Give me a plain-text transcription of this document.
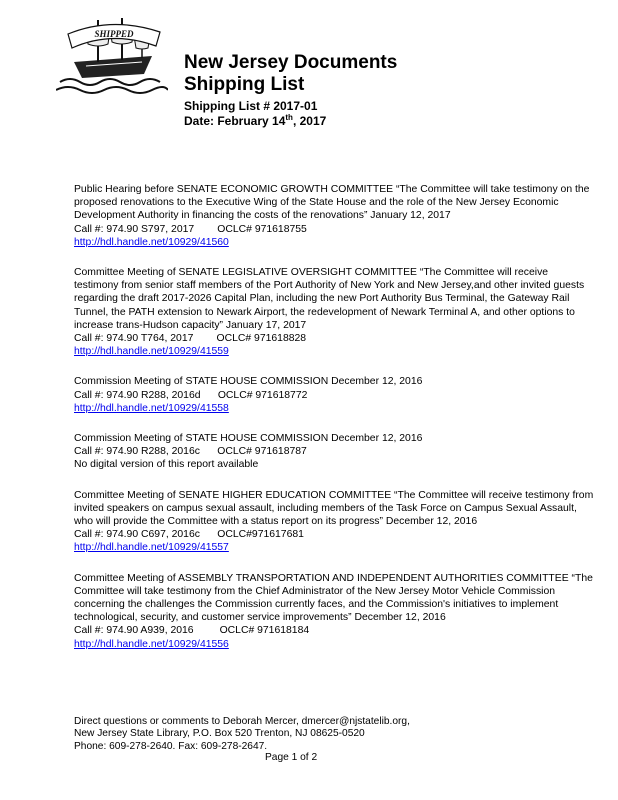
SHIPPED
New Jersey Documents
Shipping List
Shipping List # 2017-01
Date: February 14th, 2017

Public Hearing before SENATE ECONOMIC GROWTH COMMITTEE “The Committee will take testimony on the proposed renovations to the Executive Wing of the State House and the role of the New Jersey Economic Development Authority in financing the costs of the renovations” January 12, 2017

Call #: 974.90 S797, 2017 OCLC# 971618755

http://hdl.handle.net/10929/41560

Committee Meeting of SENATE LEGISLATIVE OVERSIGHT COMMITTEE “The Committee will receive testimony from senior staff members of the Port Authority of New York and New Jersey,and other invited guests regarding the draft 2017-2026 Capital Plan, including the new Port Authority Bus Terminal, the Gateway Rail Tunnel, the PATH extension to Newark Airport, the redevelopment of Newark Terminal A, and other options to increase trans-Hudson capacity” January 17, 2017

Call #: 974.90 T764, 2017 OCLC# 971618828

http://hdl.handle.net/10929/41559

Commission Meeting of STATE HOUSE COMMISSION December 12, 2016

Call #: 974.90 R288, 2016d OCLC# 971618772

http://hdl.handle.net/10929/41558

Commission Meeting of STATE HOUSE COMMISSION December 12, 2016

Call #: 974.90 R288, 2016c OCLC# 971618787

No digital version of this report available

Committee Meeting of SENATE HIGHER EDUCATION COMMITTEE “The Committee will receive testimony from invited speakers on campus sexual assault, including members of the Task Force on Campus Sexual Assault, who will provide the Committee with a status report on its progress” December 12, 2016

Call #: 974.90 C697, 2016c OCLC#971617681

http://hdl.handle.net/10929/41557

Committee Meeting of ASSEMBLY TRANSPORTATION AND INDEPENDENT AUTHORITIES COMMITTEE “The Committee will take testimony from the Chief Administrator of the New Jersey Motor Vehicle Commission concerning the challenges the Commission currently faces, and the Commission's initiatives to implement technological, security, and customer service improvements” December 12, 2016

Call #: 974.90 A939, 2016 OCLC# 971618184

http://hdl.handle.net/10929/41556

Direct questions or comments to Deborah Mercer, dmercer@njstatelib.org,

New Jersey State Library, P.O. Box 520 Trenton, NJ 08625-0520

Phone: 609-278-2640. Fax: 609-278-2647.

Page 1 of 2
